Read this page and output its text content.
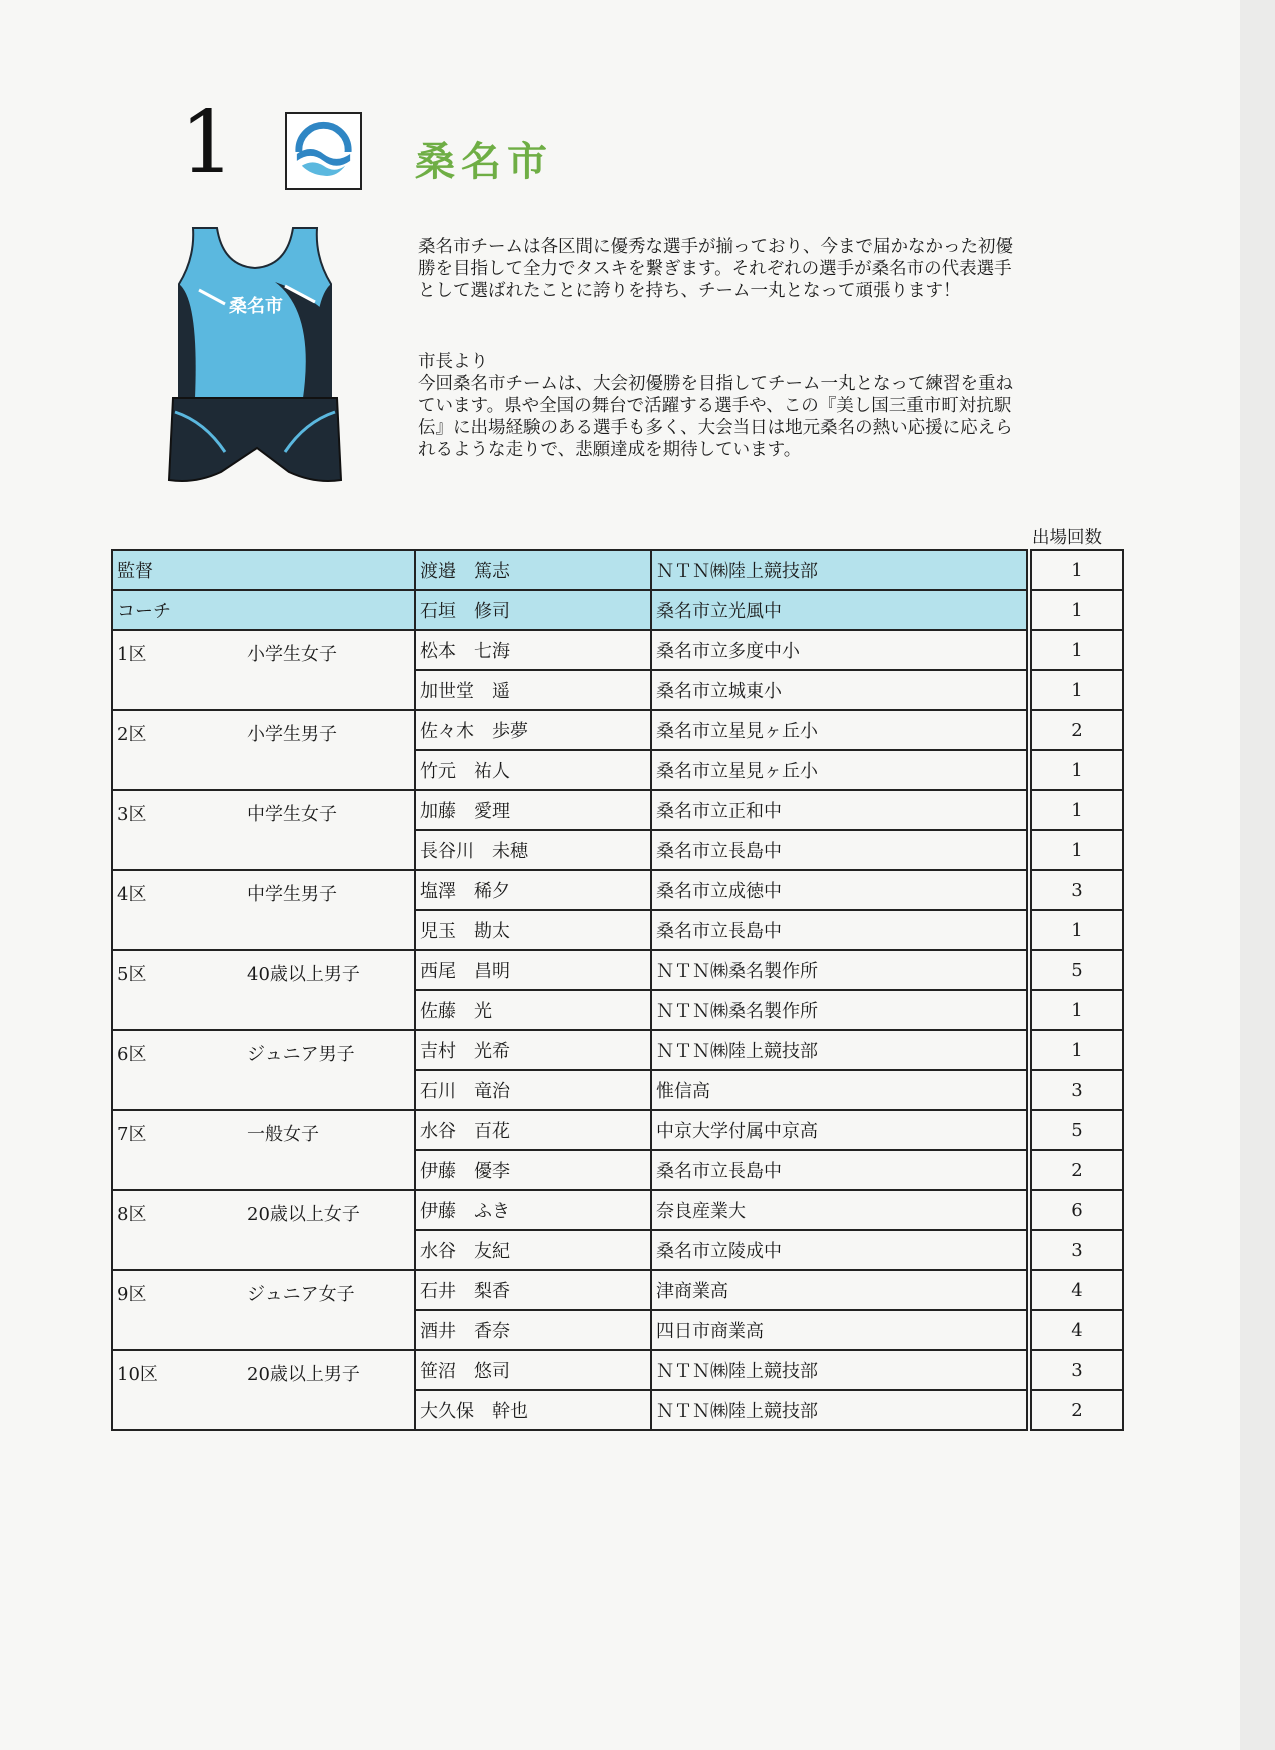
1	桑名市
桑名市

桑名市チームは各区間に優秀な選手が揃っており、今まで届かなかった初優
勝を目指して全力でタスキを繋ぎます。それぞれの選手が桑名市の代表選手
として選ばれたことに誇りを持ち、チーム一丸となって頑張ります！

市長より

今回桑名市チームは、大会初優勝を目指してチーム一丸となって練習を重ね
ています。県や全国の舞台で活躍する選手や、この『美し国三重市町対抗駅
伝』に出場経験のある選手も多く、大会当日は地元桑名の熱い応援に応えら
れるような走りで、悲願達成を期待しています。

出場回数
監督	渡邉　篤志	ＮＴＮ㈱陸上競技部		1
コーチ	石垣　修司	桑名市立光風中		1

1区 小学生女子	松本　七海	桑名市立多度中小		1
	加世堂　遥	桑名市立城東小		1

2区 小学生男子	佐々木　歩夢	桑名市立星見ヶ丘小		2
	竹元　祐人	桑名市立星見ヶ丘小		1

3区 中学生女子	加藤　愛理	桑名市立正和中		1
	長谷川　未穂	桑名市立長島中		1

4区 中学生男子	塩澤　稀夕	桑名市立成徳中		3
	児玉　勘太	桑名市立長島中		1

5区 40歳以上男子	西尾　昌明	ＮＴＮ㈱桑名製作所		5
	佐藤　光	ＮＴＮ㈱桑名製作所		1

6区 ジュニア男子	吉村　光希	ＮＴＮ㈱陸上競技部		1
	石川　竜治	惟信高		3

7区 一般女子	水谷　百花	中京大学付属中京高		5
	伊藤　優李	桑名市立長島中		2

8区 20歳以上女子	伊藤　ふき	奈良産業大		6
	水谷　友紀	桑名市立陵成中		3

9区 ジュニア女子	石井　梨香	津商業高		4
	酒井　香奈	四日市商業高		4

10区 20歳以上男子	笹沼　悠司	ＮＴＮ㈱陸上競技部		3
	大久保　幹也	ＮＴＮ㈱陸上競技部		2
